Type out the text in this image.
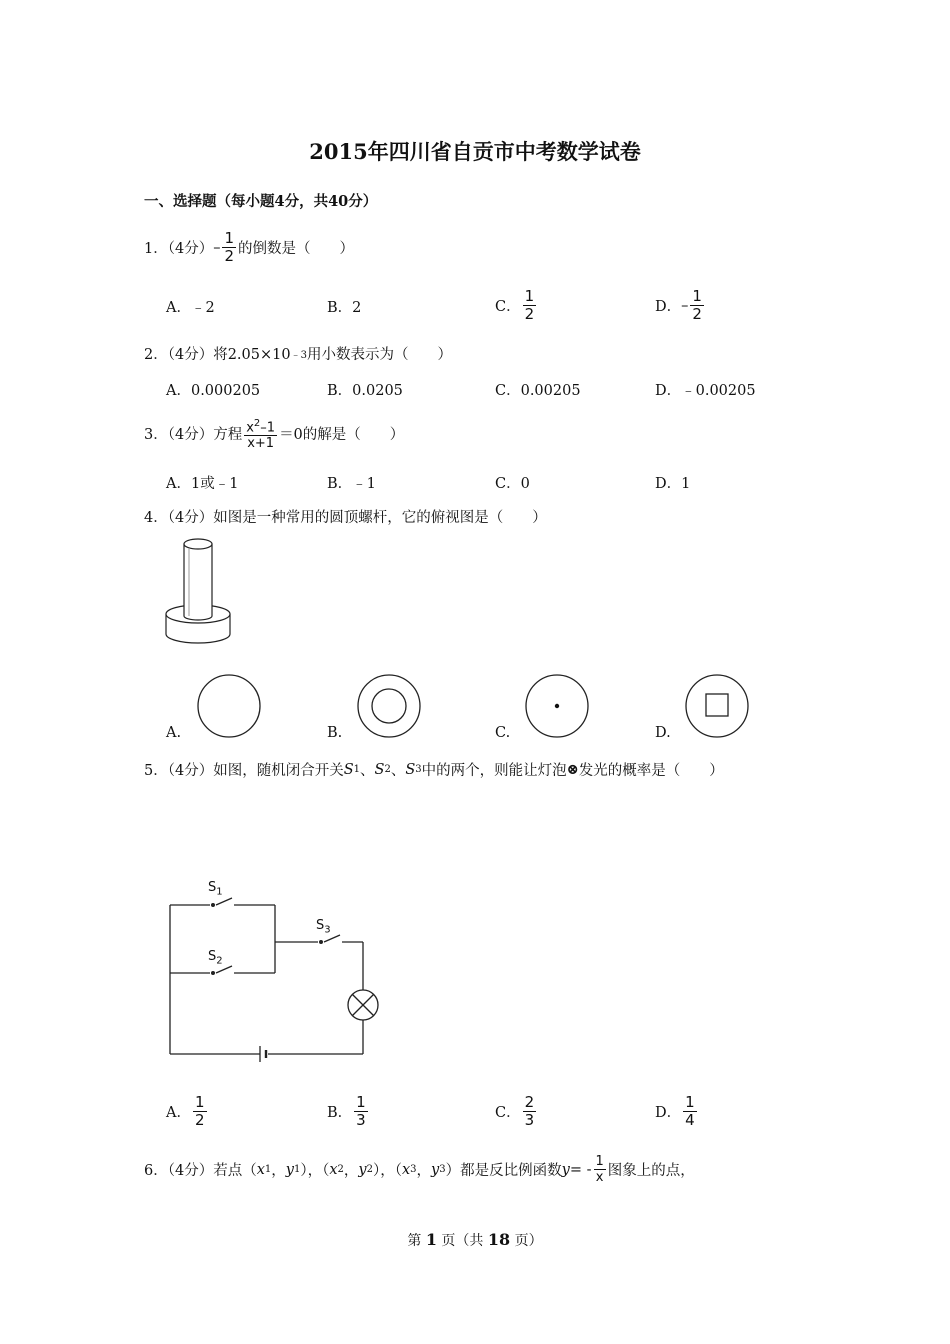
2015年四川省自贡市中考数学试卷
一、选择题（每小题4分，共40分）
1．（4分） – $\frac{1}{2}$ 的倒数是（　　）
A．﹣2	B．2	C． $\frac{1}{2}$	D． – $\frac{1}{2}$
2．（4分） 将2.05×10 ﹣3 用小数表示为（　　）
A．0.000205	B．0.0205	C．0.00205	D．﹣0.00205
3．（4分） 方程 $\frac{x^2-1}{x+1} =0$的解是（　　）
A．1或﹣1	B．﹣1	C．0	D．1
4．（4分） 如图是一种常用的圆顶螺杆，它的俯视图是（　　）
A.	B.	C.	D.
5．（4分） 如图，随机闭合开关 S 1 、 S 2 、 S 3 中的两个，则能让灯泡 ⊗ 发光的概率是（　　）
$S_1$
$S_2$
$S_3$
A． $\frac{1}{2}$	B． $\frac{1}{3}$	C． $\frac{2}{3}$	D． $\frac{1}{4}$
6．（4分） 若点（ x 1 ， y 1 ），（ x 2 ， y 2 ），（ x 3 ， y 3 ）都是反比例函数 y = - $\frac{1}{x}$ 图象上的点，
第 1 页（共 18 页）
